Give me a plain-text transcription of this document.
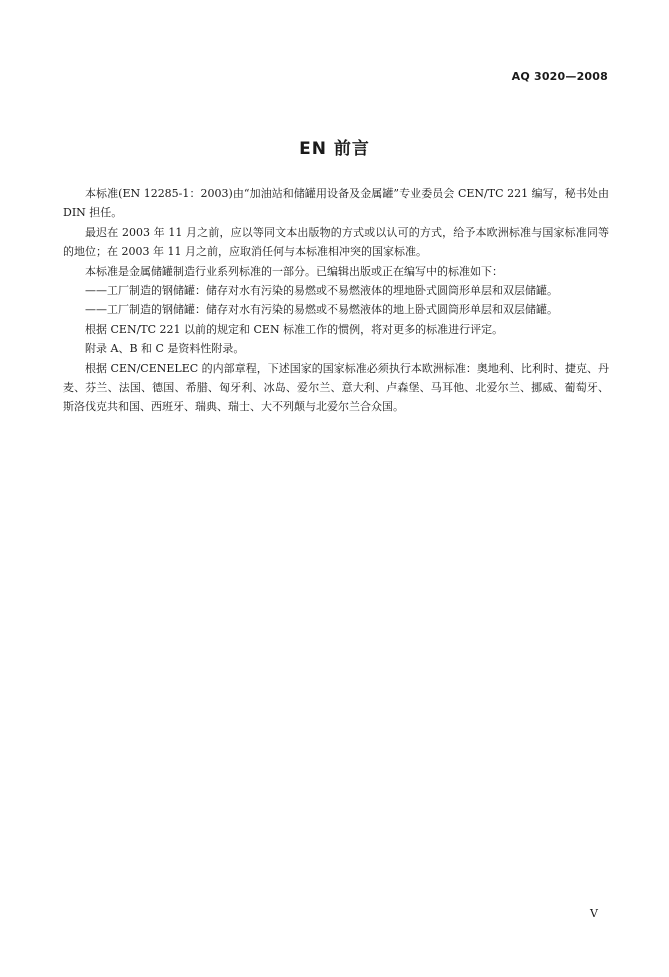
AQ 3020—2008
EN 前言

本标准(EN 12285-1：2003)由“加油站和储罐用设备及金属罐”专业委员会 CEN/TC 221 编写，秘书处由 DIN 担任。

最迟在 2003 年 11 月之前，应以等同文本出版物的方式或以认可的方式，给予本欧洲标准与国家标准同等的地位；在 2003 年 11 月之前，应取消任何与本标准相冲突的国家标准。

本标准是金属储罐制造行业系列标准的一部分。已编辑出版或正在编写中的标准如下：

——工厂制造的钢储罐：储存对水有污染的易燃或不易燃液体的埋地卧式圆筒形单层和双层储罐。

——工厂制造的钢储罐：储存对水有污染的易燃或不易燃液体的地上卧式圆筒形单层和双层储罐。

根据 CEN/TC 221 以前的规定和 CEN 标准工作的惯例，将对更多的标准进行评定。

附录 A、B 和 C 是资料性附录。

根据 CEN/CENELEC 的内部章程，下述国家的国家标准必须执行本欧洲标准：奥地利、比利时、捷克、丹麦、芬兰、法国、德国、希腊、匈牙利、冰岛、爱尔兰、意大利、卢森堡、马耳他、北爱尔兰、挪威、葡萄牙、斯洛伐克共和国、西班牙、瑞典、瑞士、大不列颠与北爱尔兰合众国。

V
